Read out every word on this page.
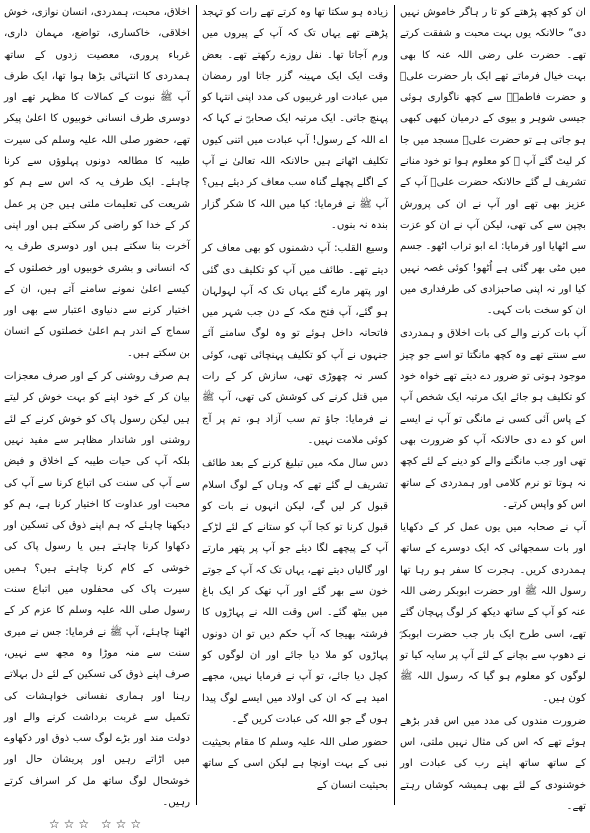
ان کو کچھ پڑھتے کو تا ر ہاگر خاموش نہیں دی“ حالانکہ یوں بہت محبت و شفقت کرتے تھے۔ حضرت علی رضی اللہ عنہ کا بھی بہت خیال فرماتے تھے ایک بار حضرت علیؓ و حضرت فاطمہؓ سے کچھ ناگواری ہوئی جیسی شوہر و بیوی کے درمیان کبھی کبھی ہو جاتی ہے تو حضرت علیؓ مسجد میں جا کر لیٹ گئے آپ ﷺ کو معلوم ہوا تو خود منانے تشریف لے گئے حالانکہ حضرت علیؓ آپ کے عزیز بھی تھے اور آپ نے ان کی پرورش بچپن سے کی تھی، لیکن آپ نے ان کو عزت سے اٹھایا اور فرمایا: اے ابو تراب اٹھو۔ جسم میں مٹی بھر گئی ہے اُٹھو! کوئی غصہ نہیں کیا اور نہ اپنی صاحبزادی کی طرفداری میں ان کو سخت بات کہی۔

آپ بات کرنے والے کی بات اخلاق و ہمدردی سے سنتے تھے وہ کچھ مانگتا تو اسے جو چیز موجود ہوتی تو ضرور دے دیتے تھے خواہ خود کو تکلیف ہو جائے ایک مرتبہ ایک شخص آپ کے پاس آئی کسی نے مانگی تو آپ نے ایسے اس کو دے دی حالانکہ آپ کو ضرورت بھی تھی اور جب مانگنے والے کو دینے کے لئے کچھ نہ ہوتا تو نرم کلامی اور ہمدردی کے ساتھ اس کو واپس کرتے۔

آپ نے صحابہ میں یوں عمل کر کے دکھایا اور بات سمجھائی کہ ایک دوسرے کے ساتھ ہمدردی کریں۔ ہجرت کا سفر ہو رہا تھا رسول اللہ ﷺ اور حضرت ابوبکر رضی اللہ عنہ کو آپ کے ساتھ دیکھ کر لوگ پہچان گئے تھے، اسی طرح ایک بار جب حضرت ابوبکرؓ نے دھوپ سے بچانے کے لئے آپ پر سایہ کیا تو لوگوں کو معلوم ہو گیا کہ رسول اللہ ﷺ کون ہیں۔

ضرورت مندوں کی مدد میں اس قدر بڑھے ہوئے تھے کہ اس کی مثال نہیں ملتی، اس کے ساتھ ساتھ اپنے رب کی عبادت اور خوشنودی کے لئے بھی ہمیشہ کوشاں رہتے تھے۔

زیادہ ہو سکتا تھا وہ کرتے تھے رات کو تہجد پڑھتے تھے یہاں تک کہ آپ کے پیروں میں ورم آجاتا تھا۔ نفل روزے رکھتے تھے۔ بعض وقت ایک ایک مہینہ گزر جاتا اور رمضان میں عبادت اور غریبوں کی مدد اپنی انتہا کو پہنچ جاتی۔ ایک مرتبہ ایک صحابیؓ نے کہا کہ اے اللہ کے رسول! آپ عبادت میں اتنی کیوں تکلیف اٹھاتے ہیں حالانکہ اللہ تعالیٰ نے آپ کے اگلے پچھلے گناہ سب معاف کر دیئے ہیں؟ آپ ﷺ نے فرمایا: کیا میں اللہ کا شکر گزار بندہ نہ بنوں۔

وسیع القلب: آپ دشمنوں کو بھی معاف کر دیتے تھے۔ طائف میں آپ کو تکلیف دی گئی اور پتھر مارے گئے یہاں تک کہ آپ لہولہان ہو گئے، آپ فتح مکہ کے دن جب شہر میں فاتحانہ داخل ہوئے تو وہ لوگ سامنے آئے جنہوں نے آپ کو تکلیف پہنچائی تھی، کوئی کسر نہ چھوڑی تھی، سازش کر کے رات میں قتل کرنے کی کوشش کی تھی، آپ ﷺ نے فرمایا: جاؤ تم سب آزاد ہو، تم پر آج کوئی ملامت نہیں۔

دس سال مکہ میں تبلیغ کرنے کے بعد طائف تشریف لے گئے تھے کہ وہاں کے لوگ اسلام قبول کر لیں گے، لیکن انہوں نے بات کو قبول کرنا تو کجا آپ کو ستانے کے لئے لڑکے آپ کے پیچھے لگا دیئے جو آپ پر پتھر مارتے اور گالیاں دیتے تھے، یہاں تک کہ آپ کے جوتے خون سے بھر گئے اور آپ تھک کر ایک باغ میں بیٹھ گئے۔ اس وقت اللہ نے پہاڑوں کا فرشتہ بھیجا کہ آپ حکم دیں تو ان دونوں پہاڑوں کو ملا دیا جائے اور ان لوگوں کو کچل دیا جائے، تو آپ نے فرمایا نہیں، مجھے امید ہے کہ ان کی اولاد میں ایسے لوگ پیدا ہوں گے جو اللہ کی عبادت کریں گے۔

حضور صلی اللہ علیہ وسلم کا مقام بحیثیت نبی کے بہت اونچا ہے لیکن اسی کے ساتھ بحیثیت انسان کے

اخلاق، محبت، ہمدردی، انسان نوازی، خوش اخلاقی، خاکساری، تواضع، مہمان داری، غرباء پروری، معصیت زدوں کے ساتھ ہمدردی کا انتہائی بڑھا ہوا تھا، ایک طرف آپ ﷺ نبوت کے کمالات کا مظہر تھے اور دوسری طرف انسانی خوبیوں کا اعلیٰ پیکر تھے، حضور صلی اللہ علیہ وسلم کی سیرت طیبہ کا مطالعہ دونوں پہلوؤں سے کرنا چاہئے۔ ایک طرف یہ کہ اس سے ہم کو شریعت کی تعلیمات ملتی ہیں جن پر عمل کر کے خدا کو راضی کر سکتے ہیں اور اپنی آخرت بنا سکتے ہیں اور دوسری طرف یہ کہ انسانی و بشری خوبیوں اور خصلتوں کے کیسے اعلیٰ نمونے سامنے آتے ہیں، ان کے اختیار کرنے سے دنیاوی اعتبار سے بھی اور سماج کے اندر ہم اعلیٰ خصلتوں کے انسان بن سکتے ہیں۔

ہم صرف روشنی کر کے اور صرف معجزات بیان کر کے خود اپنے کو بہت خوش کر لیتے ہیں لیکن رسول پاک کو خوش کرنے کے لئے روشنی اور شاندار مظاہر سے مفید نہیں بلکہ آپ کی حیات طیبہ کے اخلاق و فیض سے آپ کی سنت کی اتباع کرنا سے آپ کی محبت اور عداوت کا اختیار کرنا ہے، ہم کو دیکھنا چاہئے کہ ہم اپنے ذوق کی تسکین اور دکھاوا کرنا چاہتے ہیں یا رسول پاک کی خوشی کے کام کرنا چاہتے ہیں؟ ہمیں سیرت پاک کی محفلوں میں اتباع سنت رسول صلی اللہ علیہ وسلم کا عزم کر کے اٹھنا چاہئے، آپ ﷺ نے فرمایا: جس نے میری سنت سے منہ موڑا وہ مجھ سے نہیں، صرف اپنے ذوق کی تسکین کے لئے دل بہلاتے رہنا اور ہماری نفسانی خواہشات کی تکمیل سے غربت برداشت کرنے والے اور دولت مند اور بڑے لوگ سب ذوق اور دکھاوے میں اڑاتے رہیں اور پریشان حال اور خوشحال لوگ ساتھ مل کر اسراف کرتے رہیں۔

☆☆☆ ☆☆☆
